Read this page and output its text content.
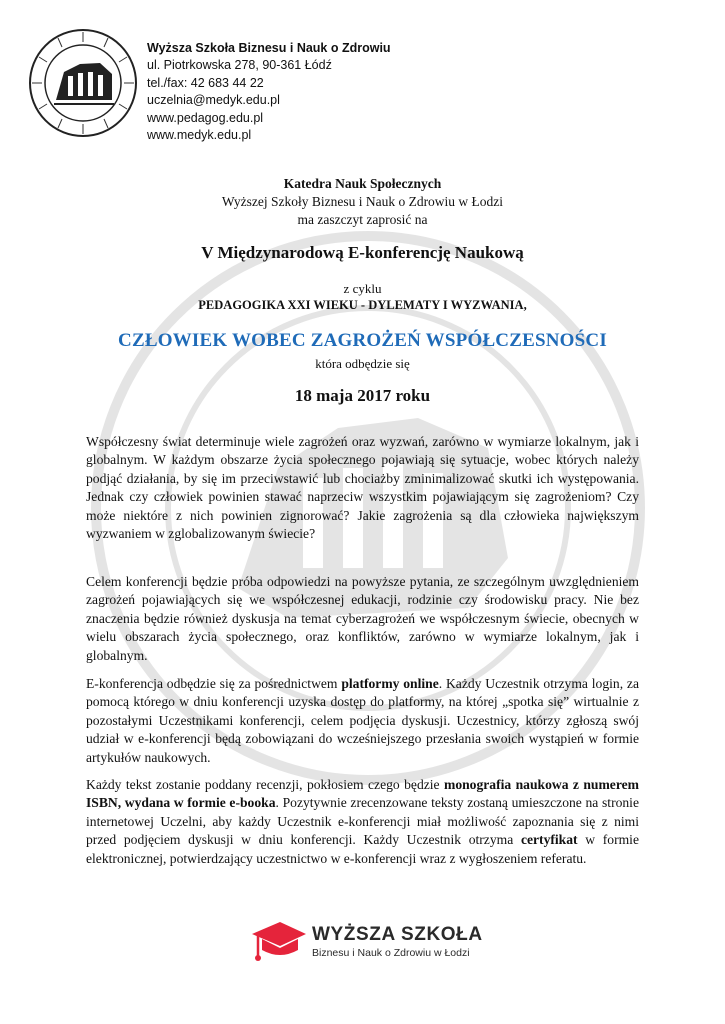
Wyższa Szkoła Biznesu i Nauk o Zdrowiu
ul. Piotrkowska 278, 90-361 Łódź
tel./fax: 42 683 44 22
uczelnia@medyk.edu.pl
www.pedagog.edu.pl
www.medyk.edu.pl
Katedra Nauk Społecznych
Wyższej Szkoły Biznesu i Nauk o Zdrowiu w Łodzi
ma zaszczyt zaprosić na
V Międzynarodową E-konferencję Naukową
z cyklu
PEDAGOGIKA XXI WIEKU - DYLEMATY I WYZWANIA,
CZŁOWIEK WOBEC ZAGROŻEŃ WSPÓŁCZESNOŚCI
która odbędzie się
18 maja 2017 roku
Współczesny świat determinuje wiele zagrożeń oraz wyzwań, zarówno w wymiarze lokalnym, jak i globalnym. W każdym obszarze życia społecznego pojawiają się sytuacje, wobec których należy podjąć działania, by się im przeciwstawić lub chociażby zminimalizować skutki ich występowania. Jednak czy człowiek powinien stawać naprzeciw wszystkim pojawiającym się zagrożeniom? Czy może niektóre z nich powinien zignorować? Jakie zagrożenia są dla człowieka największym wyzwaniem w zglobalizowanym świecie?
Celem konferencji będzie próba odpowiedzi na powyższe pytania, ze szczególnym uwzględnieniem zagrożeń pojawiających się we współczesnej edukacji, rodzinie czy środowisku pracy. Nie bez znaczenia będzie również dyskusja na temat cyberzagrożeń we współczesnym świecie, obecnych w wielu obszarach życia społecznego, oraz konfliktów, zarówno w wymiarze lokalnym, jak i globalnym.
E-konferencja odbędzie się za pośrednictwem platformy online. Każdy Uczestnik otrzyma login, za pomocą którego w dniu konferencji uzyska dostęp do platformy, na której „spotka się” wirtualnie z pozostałymi Uczestnikami konferencji, celem podjęcia dyskusji. Uczestnicy, którzy zgłoszą swój udział w e-konferencji będą zobowiązani do wcześniejszego przesłania swoich wystąpień w formie artykułów naukowych.
Każdy tekst zostanie poddany recenzji, pokłosiem czego będzie monografia naukowa z numerem ISBN, wydana w formie e-booka. Pozytywnie zrecenzowane teksty zostaną umieszczone na stronie internetowej Uczelni, aby każdy Uczestnik e-konferencji miał możliwość zapoznania się z nimi przed podjęciem dyskusji w dniu konferencji. Każdy Uczestnik otrzyma certyfikat w formie elektronicznej, potwierdzający uczestnictwo w e-konferencji wraz z wygłoszeniem referatu.
WYŻSZA SZKOŁA
Biznesu i Nauk o Zdrowiu w Łodzi
